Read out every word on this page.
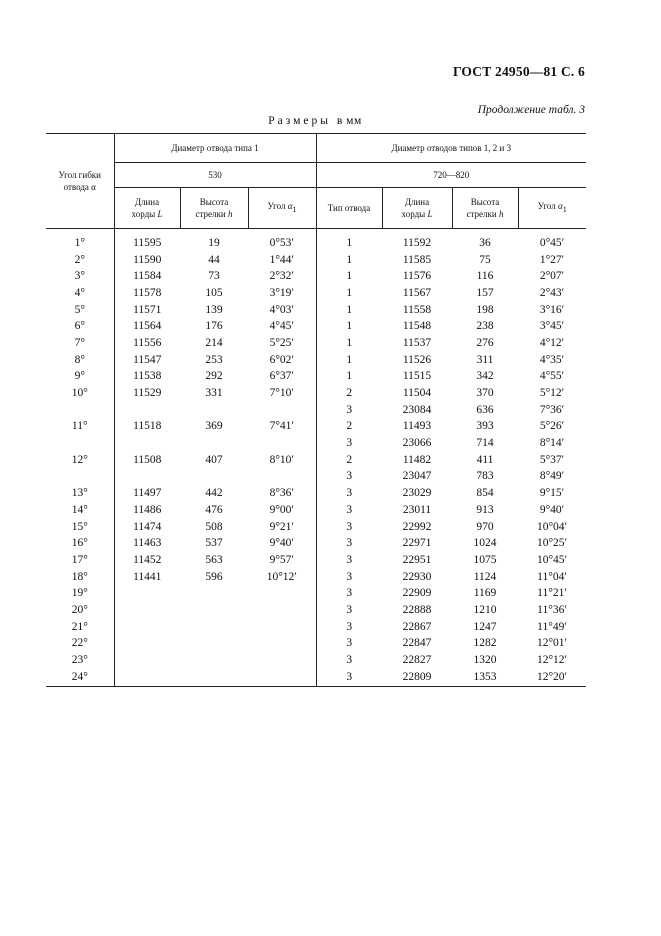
ГОСТ 24950—81 С. 6
Продолжение табл. 3
Размеры в мм
Угол гибки отвода α	Диаметр отвода типа 1			Диаметр отводов типов 1, 2 и 3			
	530			720—820			
	Длина
хорды L	Высота
стрелки h	Угол $\alpha_1$	Тип отвода	Длина
хорды L	Высота
стрелки h	Угол $\alpha_1$
1°	11595	19	0°53′	1	11592	36	0°45′
2°	11590	44	1°44′	1	11585	75	1°27′
3°	11584	73	2°32′	1	11576	116	2°07′
4°	11578	105	3°19′	1	11567	157	2°43′
5°	11571	139	4°03′	1	11558	198	3°16′
6°	11564	176	4°45′	1	11548	238	3°45′
7°	11556	214	5°25′	1	11537	276	4°12′
8°	11547	253	6°02′	1	11526	311	4°35′
9°	11538	292	6°37′	1	11515	342	4°55′
10°	11529	331	7°10′	2	11504	370	5°12′
				3	23084	636	7°36′
11°	11518	369	7°41′	2	11493	393	5°26′
				3	23066	714	8°14′
12°	11508	407	8°10′	2	11482	411	5°37′
				3	23047	783	8°49′
13°	11497	442	8°36′	3	23029	854	9°15′
14°	11486	476	9°00′	3	23011	913	9°40′
15°	11474	508	9°21′	3	22992	970	10°04′
16°	11463	537	9°40′	3	22971	1024	10°25′
17°	11452	563	9°57′	3	22951	1075	10°45′
18°	11441	596	10°12′	3	22930	1124	11°04′
19°				3	22909	1169	11°21′
20°				3	22888	1210	11°36′
21°				3	22867	1247	11°49′
22°				3	22847	1282	12°01′
23°				3	22827	1320	12°12′
24°				3	22809	1353	12°20′
